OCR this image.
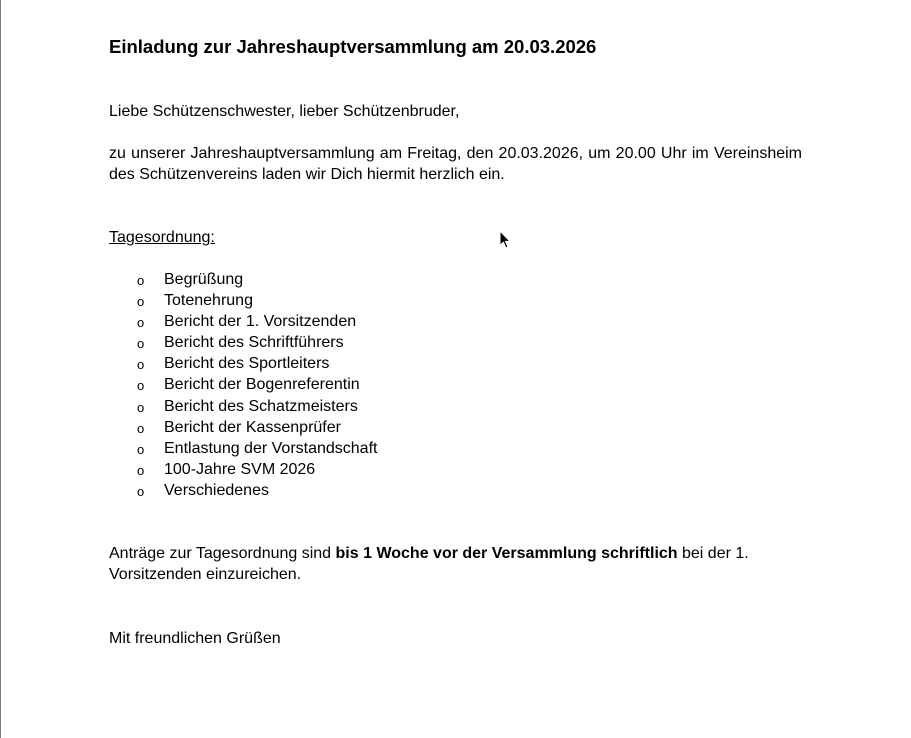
Einladung zur Jahreshauptversammlung am 20.03.2026
Liebe Schützenschwester, lieber Schützenbruder,
zu unserer Jahreshauptversammlung am Freitag, den 20.03.2026, um 20.00 Uhr im Vereinsheim des Schützenvereins laden wir Dich hiermit herzlich ein.
Tagesordnung:
o Begrüßung
o Totenehrung
o Bericht der 1. Vorsitzenden
o Bericht des Schriftführers
o Bericht des Sportleiters
o Bericht der Bogenreferentin
o Bericht des Schatzmeisters
o Bericht der Kassenprüfer
o Entlastung der Vorstandschaft
o 100-Jahre SVM 2026
o Verschiedenes
Anträge zur Tagesordnung sind bis 1 Woche vor der Versammlung schriftlich bei der 1. Vorsitzenden einzureichen.
Mit freundlichen Grüßen
